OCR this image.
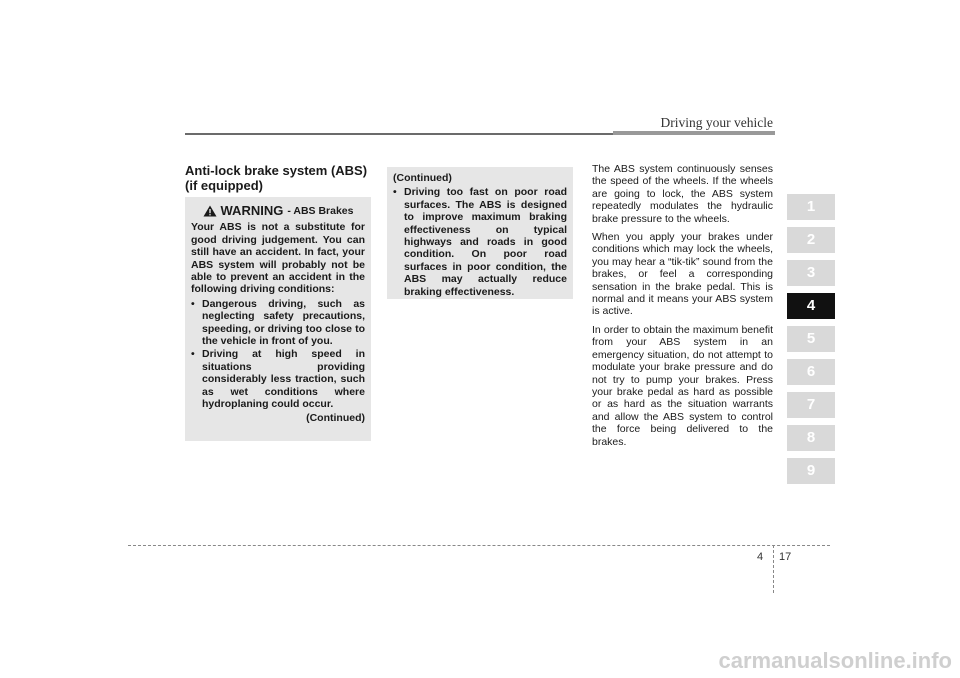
Driving your vehicle
Anti-lock brake system (ABS)
(if equipped)
WARNING - ABS Brakes
Your ABS is not a substitute for good driving judgement. You can still have an accident. In fact, your ABS system will probably not be able to prevent an accident in the following driving conditions:
• Dangerous driving, such as neglecting safety precautions, speeding, or driving too close to the vehicle in front of you.
• Driving at high speed in situations providing considerably less traction, such as wet conditions where hydroplaning could occur.
(Continued)
(Continued)
• Driving too fast on poor road surfaces. The ABS is designed to improve maximum braking effectiveness on typical highways and roads in good condition. On poor road surfaces in poor condition, the ABS may actually reduce braking effectiveness.

The ABS system continuously senses the speed of the wheels. If the wheels are going to lock, the ABS system repeatedly modulates the hydraulic brake pressure to the wheels.

When you apply your brakes under conditions which may lock the wheels, you may hear a “tik-tik” sound from the brakes, or feel a corresponding sensation in the brake pedal. This is normal and it means your ABS system is active.

In order to obtain the maximum benefit from your ABS system in an emergency situation, do not attempt to modulate your brake pressure and do not try to pump your brakes. Press your brake pedal as hard as possible or as hard as the situation warrants and allow the ABS system to control the force being delivered to the brakes.

1
2
3
4
5
6
7
8
9
4 17
carmanualsonline.info
